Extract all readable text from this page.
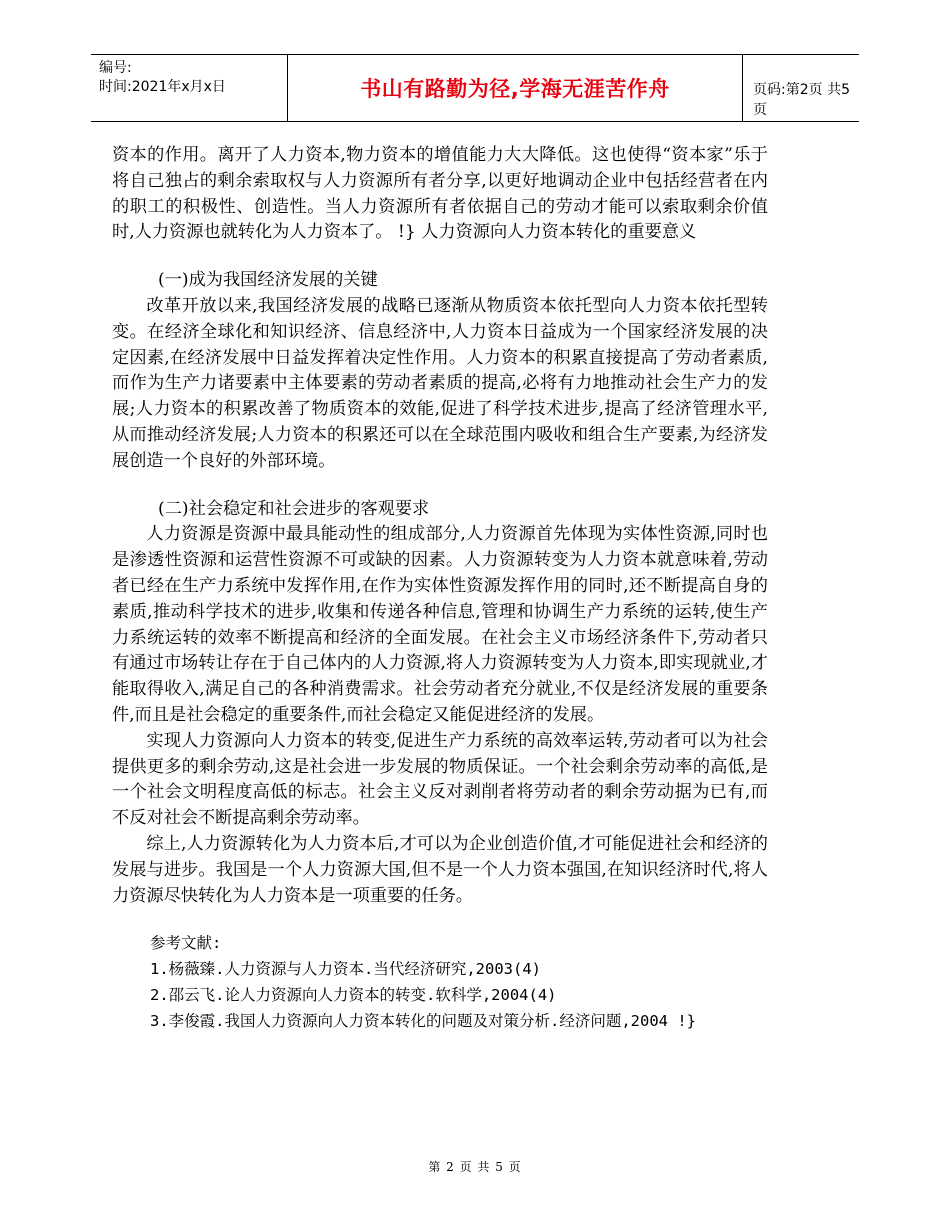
编号:
时间:2021年x月x日	书山有路勤为径,学海无涯苦作舟	页码:第2页 共5页

资本的作用。离开了人力资本,物力资本的增值能力大大降低。这也使得“资本家”乐于将自己独占的剩余索取权与人力资源所有者分享,以更好地调动企业中包括经营者在内的职工的积极性、创造性。当人力资源所有者依据自己的劳动才能可以索取剩余价值时,人力资源也就转化为人力资本了。 !} 人力资源向人力资本转化的重要意义

(一)成为我国经济发展的关键

改革开放以来,我国经济发展的战略已逐渐从物质资本依托型向人力资本依托型转变。在经济全球化和知识经济、信息经济中,人力资本日益成为一个国家经济发展的决定因素,在经济发展中日益发挥着决定性作用。人力资本的积累直接提高了劳动者素质,而作为生产力诸要素中主体要素的劳动者素质的提高,必将有力地推动社会生产力的发展;人力资本的积累改善了物质资本的效能,促进了科学技术进步,提高了经济管理水平,从而推动经济发展;人力资本的积累还可以在全球范围内吸收和组合生产要素,为经济发展创造一个良好的外部环境。

(二)社会稳定和社会进步的客观要求

人力资源是资源中最具能动性的组成部分,人力资源首先体现为实体性资源,同时也是渗透性资源和运营性资源不可或缺的因素。人力资源转变为人力资本就意味着,劳动者已经在生产力系统中发挥作用,在作为实体性资源发挥作用的同时,还不断提高自身的素质,推动科学技术的进步,收集和传递各种信息,管理和协调生产力系统的运转,使生产力系统运转的效率不断提高和经济的全面发展。在社会主义市场经济条件下,劳动者只有通过市场转让存在于自己体内的人力资源,将人力资源转变为人力资本,即实现就业,才能取得收入,满足自己的各种消费需求。社会劳动者充分就业,不仅是经济发展的重要条件,而且是社会稳定的重要条件,而社会稳定又能促进经济的发展。

实现人力资源向人力资本的转变,促进生产力系统的高效率运转,劳动者可以为社会提供更多的剩余劳动,这是社会进一步发展的物质保证。一个社会剩余劳动率的高低,是一个社会文明程度高低的标志。社会主义反对剥削者将劳动者的剩余劳动据为已有,而不反对社会不断提高剩余劳动率。

综上,人力资源转化为人力资本后,才可以为企业创造价值,才可能促进社会和经济的发展与进步。我国是一个人力资源大国,但不是一个人力资本强国,在知识经济时代,将人力资源尽快转化为人力资本是一项重要的任务。

参考文献:

1.杨薇臻.人力资源与人力资本.当代经济研究,2003(4)

2.邵云飞.论人力资源向人力资本的转变.软科学,2004(4)

3.李俊霞.我国人力资源向人力资本转化的问题及对策分析.经济问题,2004 !}

第 2 页 共 5 页
